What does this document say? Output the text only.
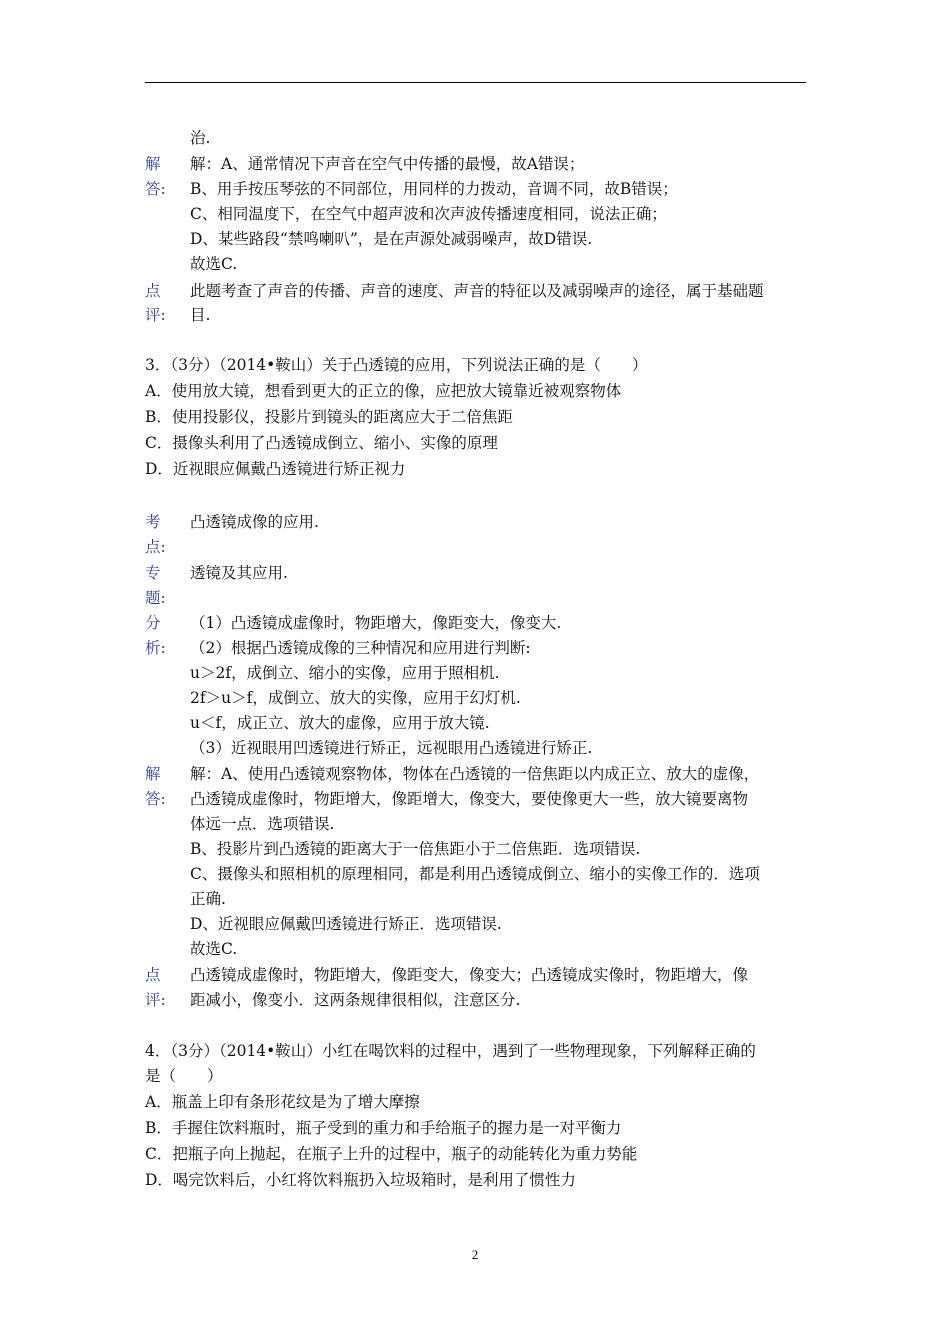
治.
解
答:
解：A、通常情况下声音在空气中传播的最慢，故A错误；
B、用手按压琴弦的不同部位，用同样的力拨动，音调不同，故B错误；
C、相同温度下，在空气中超声波和次声波传播速度相同，说法正确；
D、某些路段“禁鸣喇叭”，是在声源处减弱噪声，故D错误.
故选C.
点
评:
此题考查了声音的传播、声音的速度、声音的特征以及减弱噪声的途径，属于基础题
目.
3．（3分）（2014•鞍山）关于凸透镜的应用，下列说法正确的是（　　）
A．使用放大镜，想看到更大的正立的像，应把放大镜靠近被观察物体
B．使用投影仪，投影片到镜头的距离应大于二倍焦距
C．摄像头利用了凸透镜成倒立、缩小、实像的原理
D．近视眼应佩戴凸透镜进行矫正视力
考
点:
凸透镜成像的应用.
专
题:
透镜及其应用.
分
析:
（1）凸透镜成虚像时，物距增大，像距变大，像变大.
（2）根据凸透镜成像的三种情况和应用进行判断:
u＞2f，成倒立、缩小的实像，应用于照相机.
2f＞u＞f，成倒立、放大的实像，应用于幻灯机.
u＜f，成正立、放大的虚像，应用于放大镜.
（3）近视眼用凹透镜进行矫正，远视眼用凸透镜进行矫正.
解
答:
解：A、使用凸透镜观察物体，物体在凸透镜的一倍焦距以内成正立、放大的虚像，
凸透镜成虚像时，物距增大，像距增大，像变大，要使像更大一些，放大镜要离物
体远一点．选项错误.
B、投影片到凸透镜的距离大于一倍焦距小于二倍焦距．选项错误.
C、摄像头和照相机的原理相同，都是利用凸透镜成倒立、缩小的实像工作的．选项
正确.
D、近视眼应佩戴凹透镜进行矫正．选项错误.
故选C.
点
评:
凸透镜成虚像时，物距增大，像距变大，像变大；凸透镜成实像时，物距增大，像
距减小，像变小．这两条规律很相似，注意区分.
4．（3分）（2014•鞍山）小红在喝饮料的过程中，遇到了一些物理现象，下列解释正确的
是（　　）
A．瓶盖上印有条形花纹是为了增大摩擦
B．手握住饮料瓶时，瓶子受到的重力和手给瓶子的握力是一对平衡力
C．把瓶子向上抛起，在瓶子上升的过程中，瓶子的动能转化为重力势能
D．喝完饮料后，小红将饮料瓶扔入垃圾箱时，是利用了惯性力
2
